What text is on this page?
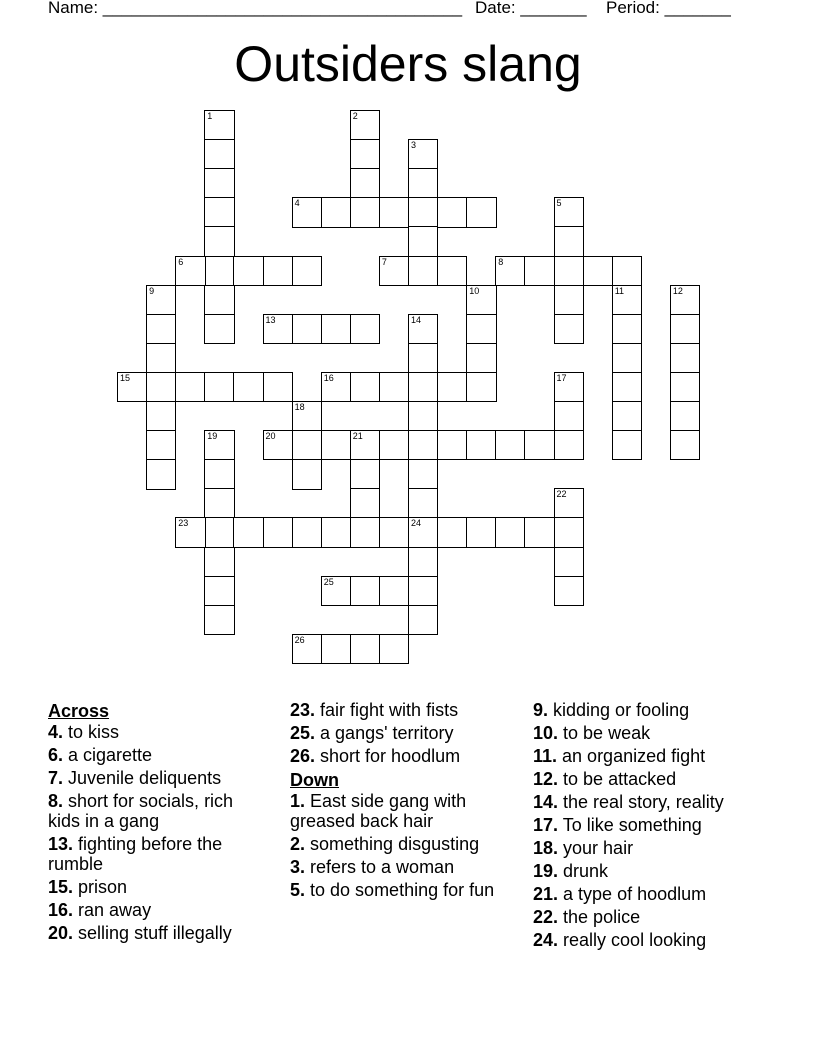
Name: ______________________________________ Date: _______ Period: _______
Outsiders slang
1	2
3
4	5
6	7	8
9	10	11	12
13	14
24
15	16	17
18
19	20	21
22
23
25
26
Across
4. to kiss
6. a cigarette
7. Juvenile deliquents
8. short for socials, rich kids in a gang
13. fighting before the rumble
15. prison
16. ran away
20. selling stuff illegally
23. fair fight with fists
25. a gangs' territory
26. short for hoodlum
Down
1. East side gang with greased back hair
2. something disgusting
3. refers to a woman
5. to do something for fun
9. kidding or fooling
10. to be weak
11. an organized fight
12. to be attacked
14. the real story, reality
17. To like something
18. your hair
19. drunk
21. a type of hoodlum
22. the police
24. really cool looking
